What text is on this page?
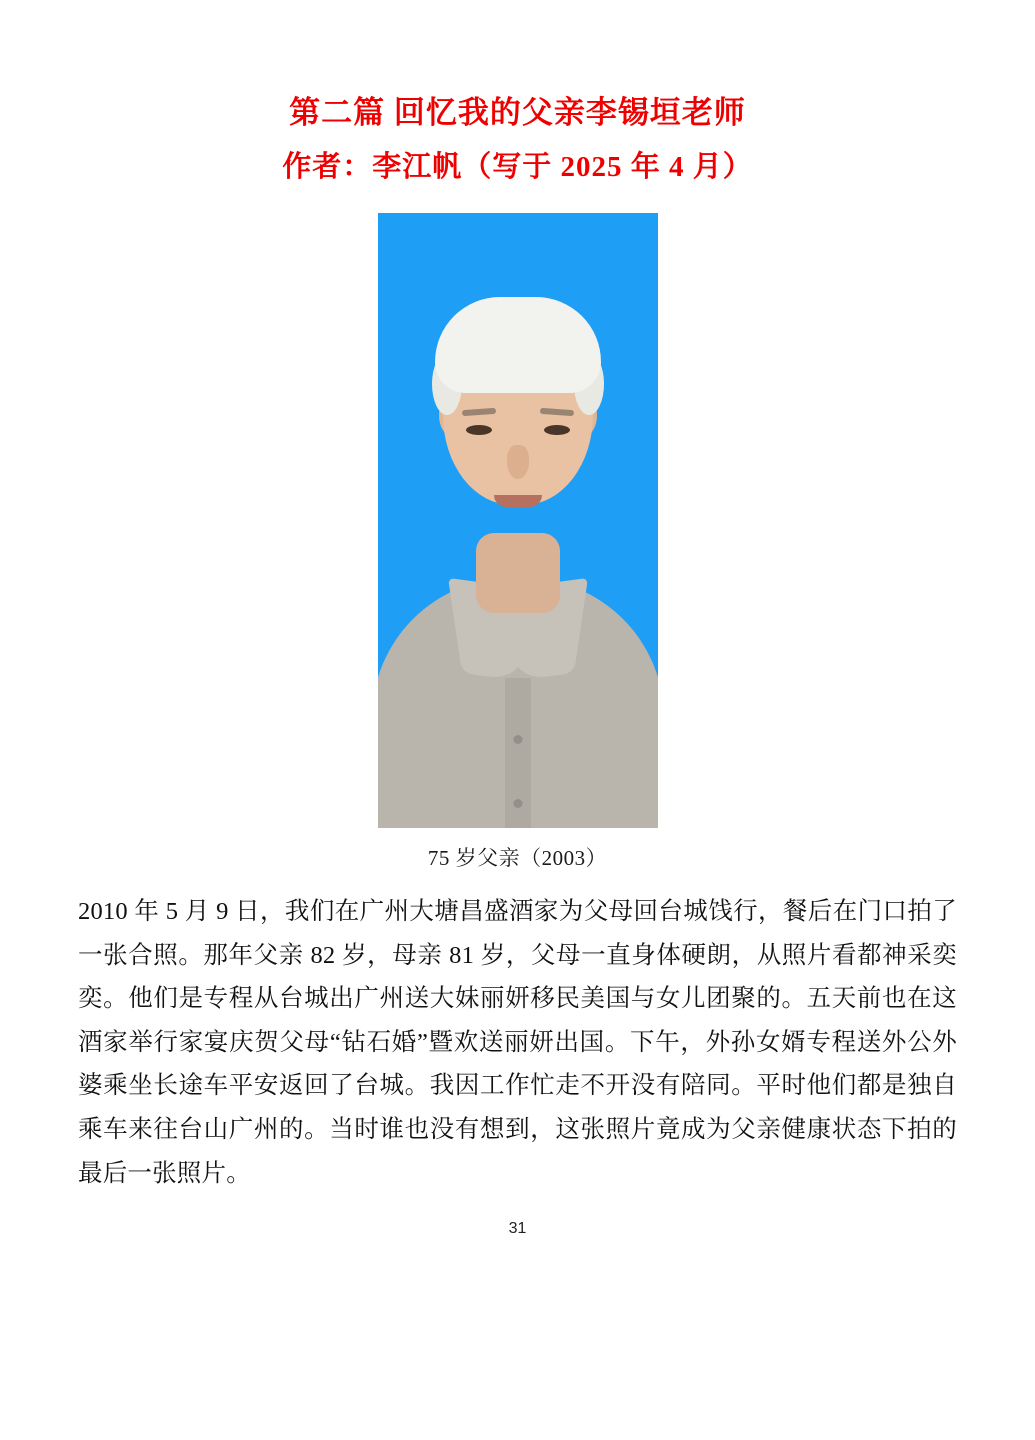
第二篇 回忆我的父亲李锡垣老师
作者：李江帆（写于 2025 年 4 月）
75 岁父亲（2003）

2010 年 5 月 9 日，我们在广州大塘昌盛酒家为父母回台城饯行，餐后在门口拍了一张合照。那年父亲 82 岁，母亲 81 岁，父母一直身体硬朗，从照片看都神采奕奕。他们是专程从台城出广州送大妹丽妍移民美国与女儿团聚的。五天前也在这酒家举行家宴庆贺父母“钻石婚”暨欢送丽妍出国。下午，外孙女婿专程送外公外婆乘坐长途车平安返回了台城。我因工作忙走不开没有陪同。平时他们都是独自乘车来往台山广州的。当时谁也没有想到，这张照片竟成为父亲健康状态下拍的最后一张照片。

31
